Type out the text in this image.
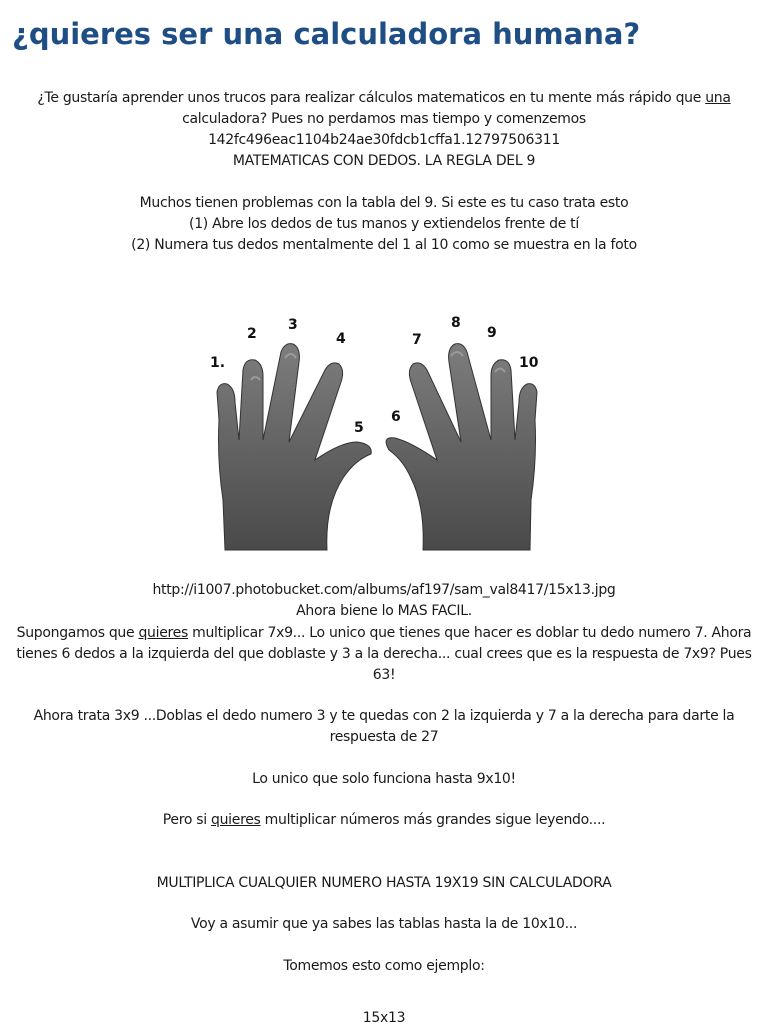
¿quieres ser una calculadora humana?
¿Te gustaría aprender unos trucos para realizar cálculos matematicos en tu mente más rápido que una
calculadora? Pues no perdamos mas tiempo y comenzemos
142fc496eac1104b24ae30fdcb1cffa1.12797506311
MATEMATICAS CON DEDOS. LA REGLA DEL 9
Muchos tienen problemas con la tabla del 9. Si este es tu caso trata esto
(1) Abre los dedos de tus manos y extiendelos frente de tí
(2) Numera tus dedos mentalmente del 1 al 10 como se muestra en la foto
1.
2
3
4
5
6
7
8
9
10
http://i1007.photobucket.com/albums/af197/sam_val8417/15x13.jpg
Ahora biene lo MAS FACIL.
Supongamos que quieres multiplicar 7x9... Lo unico que tienes que hacer es doblar tu dedo numero 7. Ahora
tienes 6 dedos a la izquierda del que doblaste y 3 a la derecha... cual crees que es la respuesta de 7x9? Pues
63!
Ahora trata 3x9 ...Doblas el dedo numero 3 y te quedas con 2 la izquierda y 7 a la derecha para darte la
respuesta de 27
Lo unico que solo funciona hasta 9x10!
Pero si quieres multiplicar números más grandes sigue leyendo....
MULTIPLICA CUALQUIER NUMERO HASTA 19X19 SIN CALCULADORA
Voy a asumir que ya sabes las tablas hasta la de 10x10...
Tomemos esto como ejemplo:
15x13
